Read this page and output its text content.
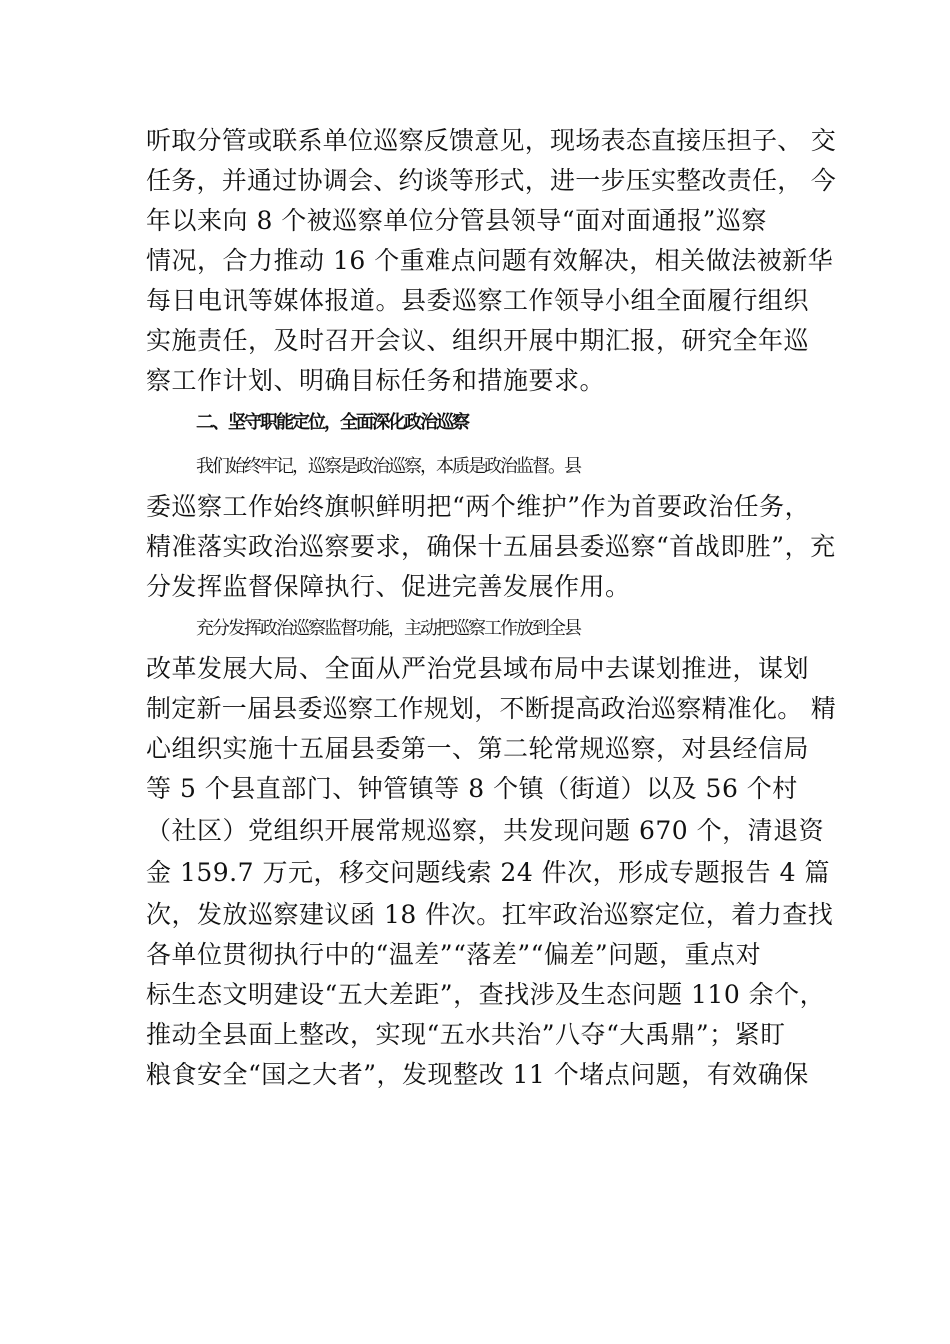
听取分管或联系单位巡察反馈意见，现场表态直接压担子、 交
任务，并通过协调会、约谈等形式，进一步压实整改责任， 今
年以来向 8 个被巡察单位分管县领导“面对面通报”巡察
情况，合力推动 16 个重难点问题有效解决，相关做法被新华
每日电讯等媒体报道。县委巡察工作领导小组全面履行组织
实施责任，及时召开会议、组织开展中期汇报，研究全年巡
察工作计划、明确目标任务和措施要求。
二、坚守职能定位，全面深化政治巡察
我们始终牢记，巡察是政治巡察，本质是政治监督。县
委巡察工作始终旗帜鲜明把“两个维护”作为首要政治任务，
精准落实政治巡察要求，确保十五届县委巡察“首战即胜”，充
分发挥监督保障执行、促进完善发展作用。
充分发挥政治巡察监督功能，主动把巡察工作放到全县
改革发展大局、全面从严治党县域布局中去谋划推进，谋划
制定新一届县委巡察工作规划，不断提高政治巡察精准化。 精
心组织实施十五届县委第一、第二轮常规巡察，对县经信局
等 5 个县直部门、钟管镇等 8 个镇（街道）以及 56 个村
（社区）党组织开展常规巡察，共发现问题 670 个，清退资
金 159.7 万元，移交问题线索 24 件次，形成专题报告 4 篇
次，发放巡察建议函 18 件次。扛牢政治巡察定位，着力查找
各单位贯彻执行中的“温差”“落差”“偏差”问题，重点对
标生态文明建设“五大差距”，查找涉及生态问题 110 余个，
推动全县面上整改，实现“五水共治”八夺“大禹鼎”；紧盯
粮食安全“国之大者”，发现整改 11 个堵点问题，有效确保
